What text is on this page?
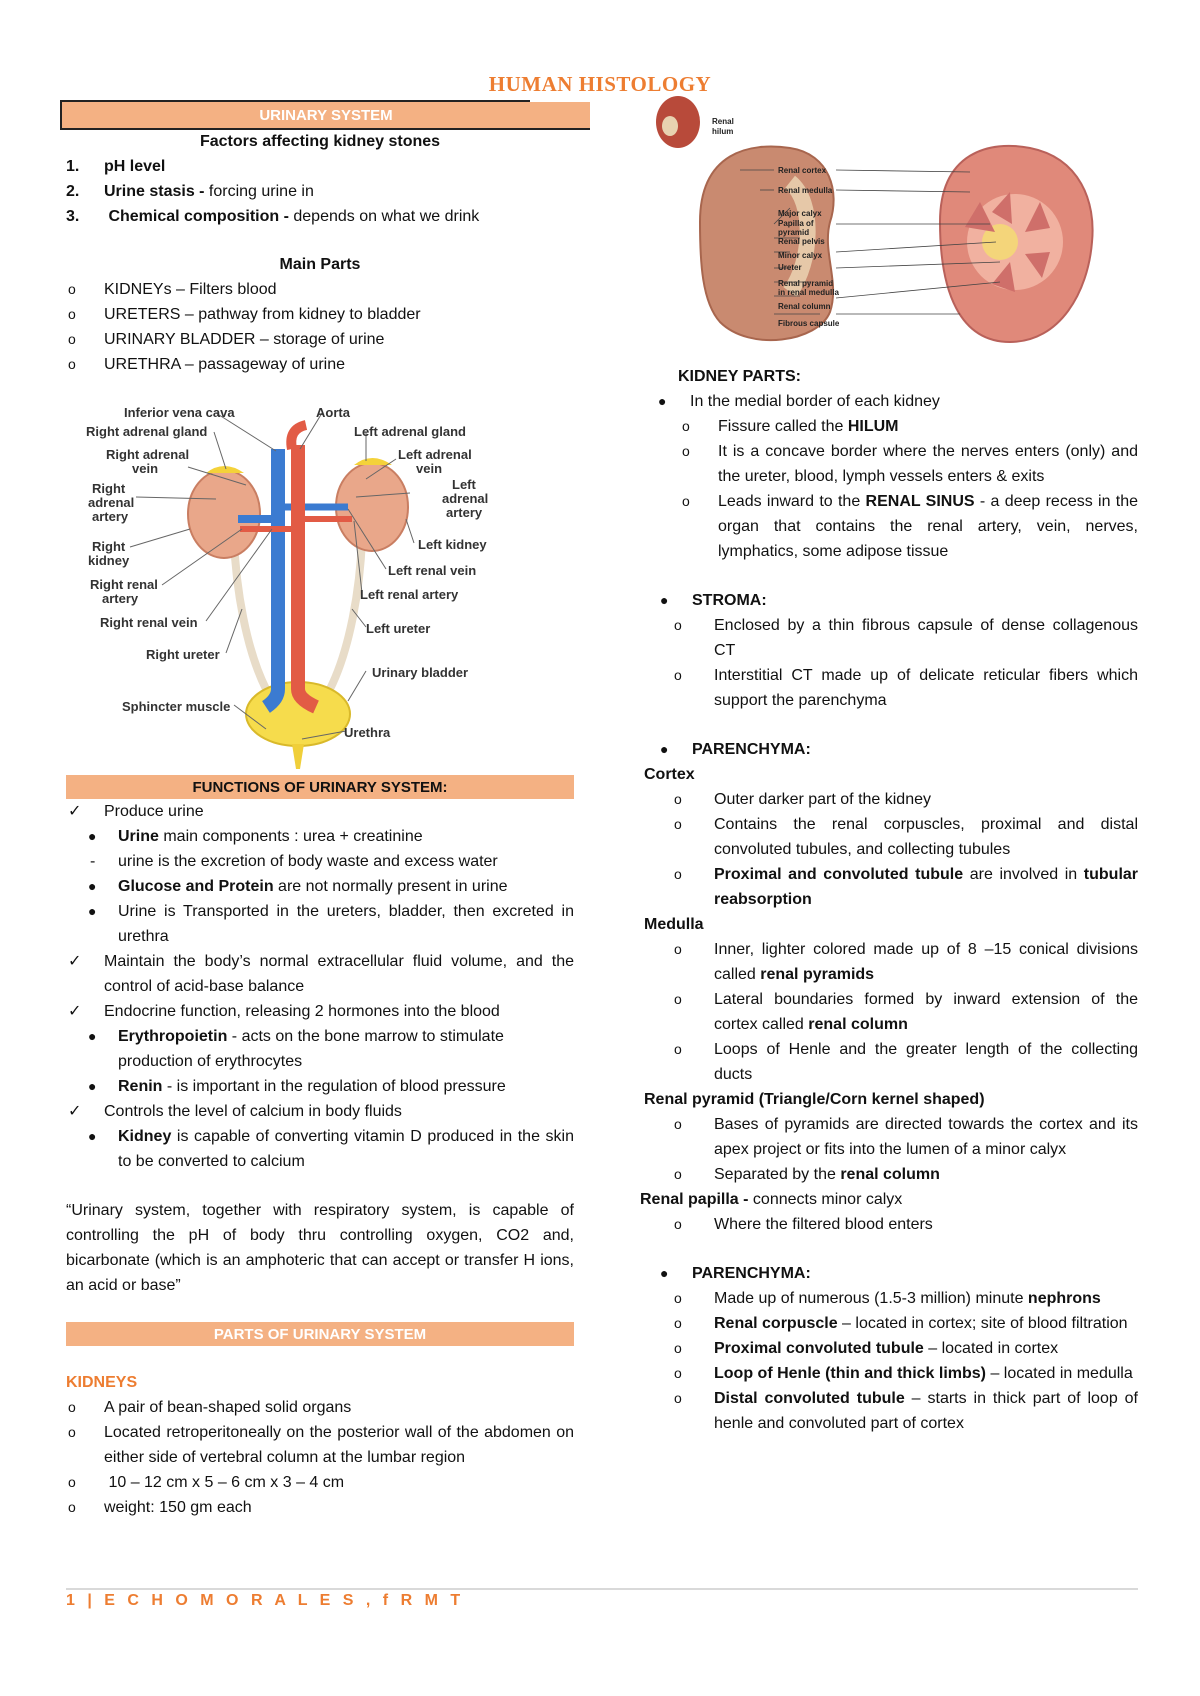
HUMAN HISTOLOGY
URINARY SYSTEM
Factors affecting kidney stones
1. pH level
2. Urine stasis - forcing urine in
3. Chemical composition - depends on what we drink
Main Parts
o KIDNEYs – Filters blood
o URETERS – pathway from kidney to bladder
o URINARY BLADDER – storage of urine
o URETHRA – passageway of urine
Inferior vena cava	Aorta
Right adrenal gland	Left adrenal gland
Right adrenal
vein
Left adrenal
vein
Right
adrenal
artery
Left
adrenal
artery
Right
kidney
Left kidney
Right renal
artery
Left renal vein
Left renal artery
Right renal vein	Left ureter
Right ureter
Urinary bladder
Sphincter muscle
Urethra
FUNCTIONS OF URINARY SYSTEM:
✓ Produce urine
● Urine main components : urea + creatinine
- urine is the excretion of body waste and excess water
● Glucose and Protein are not normally present in urine
● Urine is Transported in the ureters, bladder, then excreted in urethra
✓ Maintain the body’s normal extracellular fluid volume, and the control of acid-base balance
✓ Endocrine function, releasing 2 hormones into the blood
● Erythropoietin - acts on the bone marrow to stimulate production of erythrocytes
● Renin - is important in the regulation of blood pressure
✓ Controls the level of calcium in body fluids
● Kidney is capable of converting vitamin D produced in the skin to be converted to calcium
“Urinary system, together with respiratory system, is capable of controlling the pH of body thru controlling oxygen, CO2 and, bicarbonate (which is an amphoteric that can accept or transfer H ions, an acid or base”
PARTS OF URINARY SYSTEM
KIDNEYS
o A pair of bean-shaped solid organs
o Located retroperitoneally on the posterior wall of the abdomen on either side of vertebral column at the lumbar region
o 10 – 12 cm x 5 – 6 cm x 3 – 4 cm
o weight: 150 gm each
Renal
hilum
Renal cortex
Renal medulla
Major calyx
Papilla of
pyramid
Renal pelvis
Minor calyx
Ureter
Renal pyramid
in renal medulla
Renal column
Fibrous capsule
KIDNEY PARTS:
● In the medial border of each kidney
o Fissure called the HILUM
o It is a concave border where the nerves enters (only) and the ureter, blood, lymph vessels enters & exits
o Leads inward to the RENAL SINUS - a deep recess in the organ that contains the renal artery, vein, nerves, lymphatics, some adipose tissue
● STROMA:
o Enclosed by a thin fibrous capsule of dense collagenous CT
o Interstitial CT made up of delicate reticular fibers which support the parenchyma
● PARENCHYMA:
Cortex
o Outer darker part of the kidney
o Contains the renal corpuscles, proximal and distal convoluted tubules, and collecting tubules
o Proximal and convoluted tubule are involved in tubular reabsorption
Medulla
o Inner, lighter colored made up of 8 –15 conical divisions called renal pyramids
o Lateral boundaries formed by inward extension of the cortex called renal column
o Loops of Henle and the greater length of the collecting ducts
Renal pyramid (Triangle/Corn kernel shaped)
o Bases of pyramids are directed towards the cortex and its apex project or fits into the lumen of a minor calyx
o Separated by the renal column
Renal papilla - connects minor calyx
o Where the filtered blood enters
● PARENCHYMA:
o Made up of numerous (1.5-3 million) minute nephrons
o Renal corpuscle – located in cortex; site of blood filtration
o Proximal convoluted tubule – located in cortex
o Loop of Henle (thin and thick limbs) – located in medulla
o Distal convoluted tubule – starts in thick part of loop of henle and convoluted part of cortex
1 | E C H O M O R A L E S , f R M T
